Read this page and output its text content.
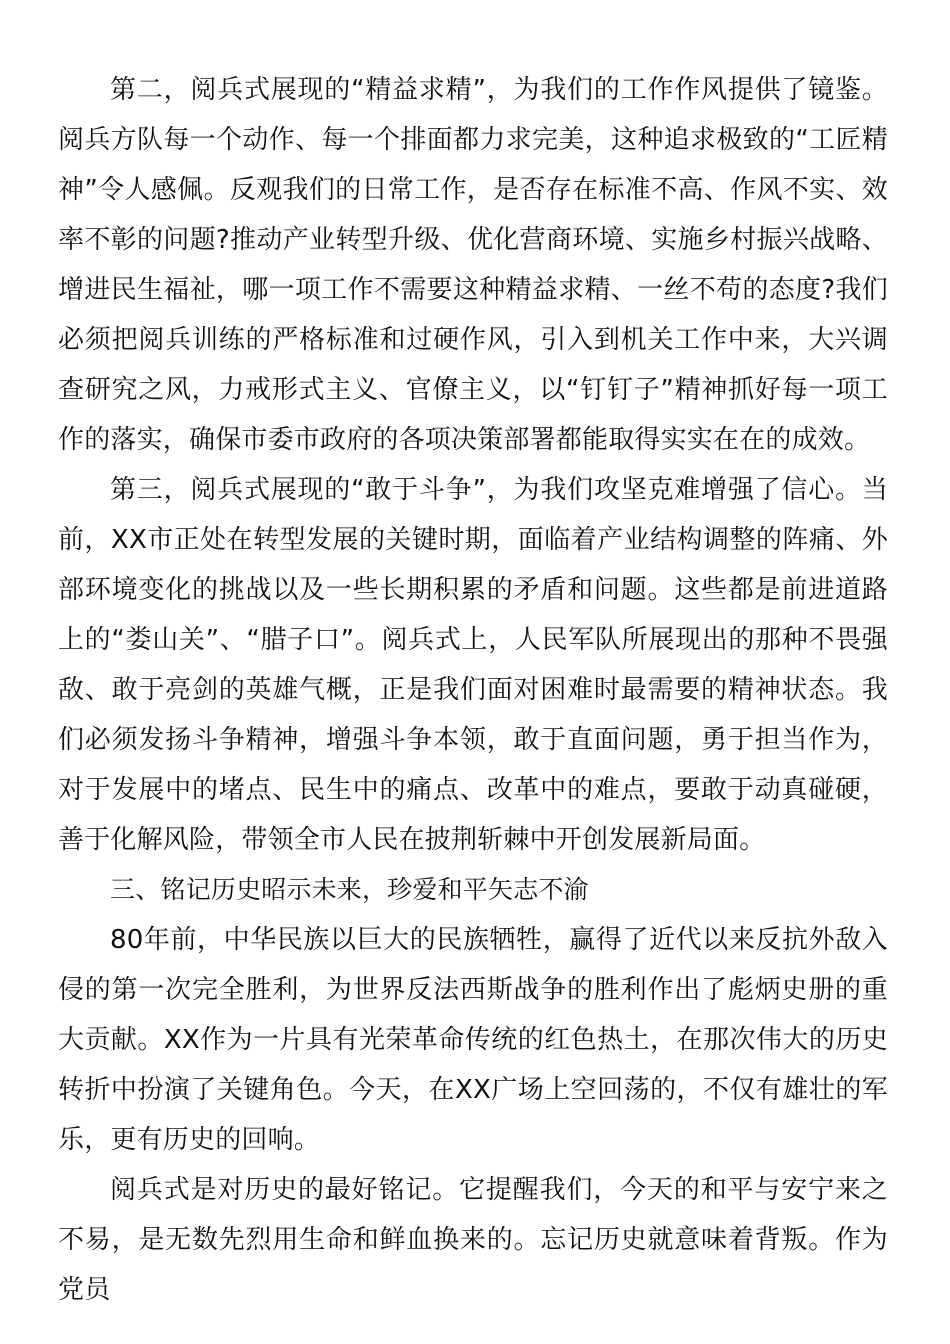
第二，阅兵式展现的“精益求精”，为我们的工作作风提供了镜鉴。阅兵方队每一个动作、每一个排面都力求完美，这种追求极致的“工匠精神”令人感佩。反观我们的日常工作，是否存在标准不高、作风不实、效率不彰的问题?推动产业转型升级、优化营商环境、实施乡村振兴战略、增进民生福祉，哪一项工作不需要这种精益求精、一丝不苟的态度?我们必须把阅兵训练的严格标准和过硬作风，引入到机关工作中来，大兴调查研究之风，力戒形式主义、官僚主义，以“钉钉子”精神抓好每一项工作的落实，确保市委市政府的各项决策部署都能取得实实在在的成效。

第三，阅兵式展现的“敢于斗争”，为我们攻坚克难增强了信心。当前，XX市正处在转型发展的关键时期，面临着产业结构调整的阵痛、外部环境变化的挑战以及一些长期积累的矛盾和问题。这些都是前进道路上的“娄山关”、“腊子口”。阅兵式上，人民军队所展现出的那种不畏强敌、敢于亮剑的英雄气概，正是我们面对困难时最需要的精神状态。我们必须发扬斗争精神，增强斗争本领，敢于直面问题，勇于担当作为，对于发展中的堵点、民生中的痛点、改革中的难点，要敢于动真碰硬，善于化解风险，带领全市人民在披荆斩棘中开创发展新局面。

三、铭记历史昭示未来，珍爱和平矢志不渝

80年前，中华民族以巨大的民族牺牲，赢得了近代以来反抗外敌入侵的第一次完全胜利，为世界反法西斯战争的胜利作出了彪炳史册的重大贡献。XX作为一片具有光荣革命传统的红色热土，在那次伟大的历史转折中扮演了关键角色。今天，在XX广场上空回荡的，不仅有雄壮的军乐，更有历史的回响。

阅兵式是对历史的最好铭记。它提醒我们，今天的和平与安宁来之不易，是无数先烈用生命和鲜血换来的。忘记历史就意味着背叛。作为党员
